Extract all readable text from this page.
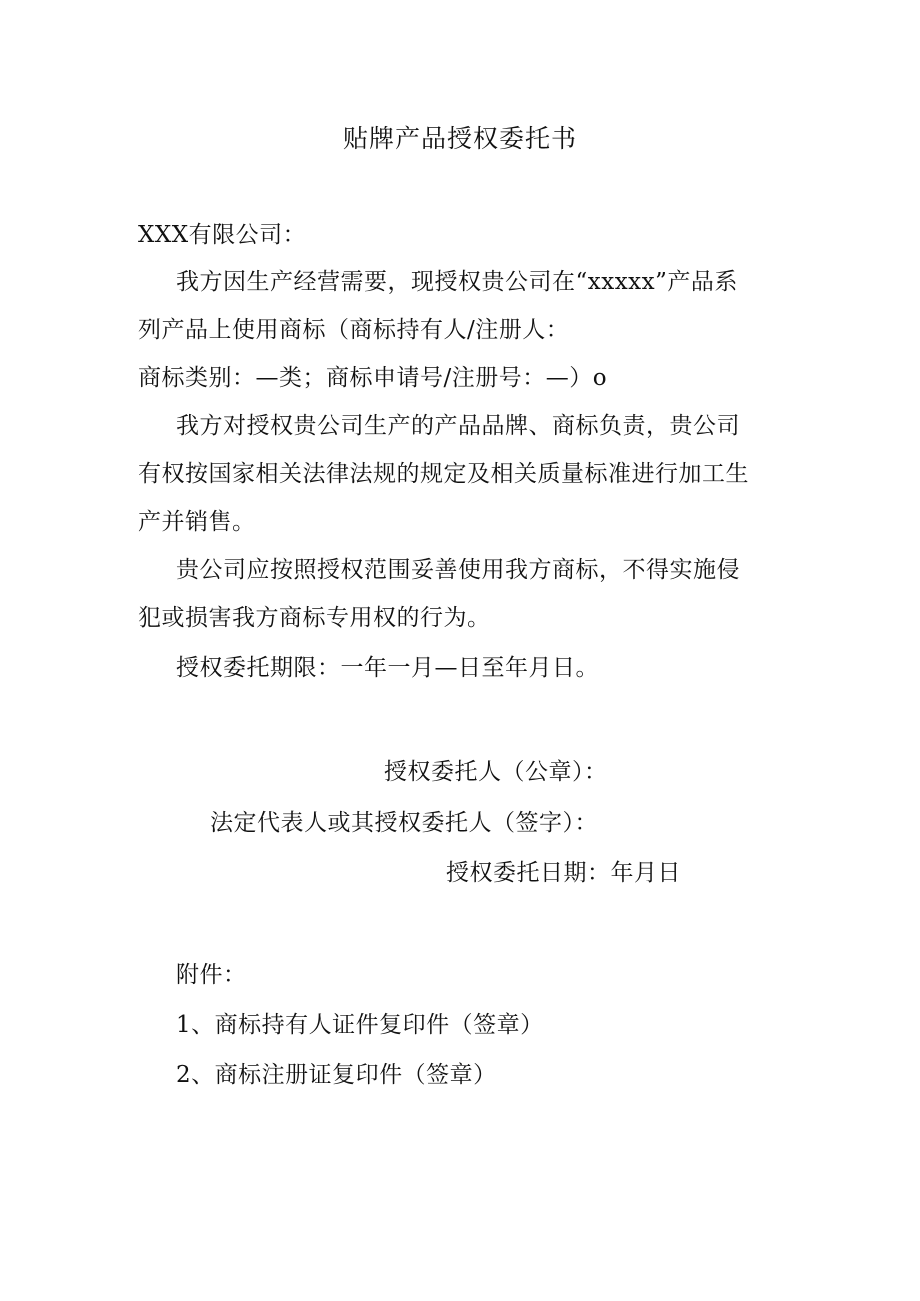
贴牌产品授权委托书
XXX有限公司：
我方因生产经营需要，现授权贵公司在“xxxxx”产品系
列产品上使用商标（商标持有人/注册人：
商标类别：—类；商标申请号/注册号：—）o
我方对授权贵公司生产的产品品牌、商标负责，贵公司
有权按国家相关法律法规的规定及相关质量标准进行加工生
产并销售。
贵公司应按照授权范围妥善使用我方商标，不得实施侵
犯或损害我方商标专用权的行为。
授权委托期限：一年一月—日至年月日。
授权委托人（公章）：
法定代表人或其授权委托人（签字）：
授权委托日期：年月日
附件：
1、商标持有人证件复印件（签章）
2、商标注册证复印件（签章）
